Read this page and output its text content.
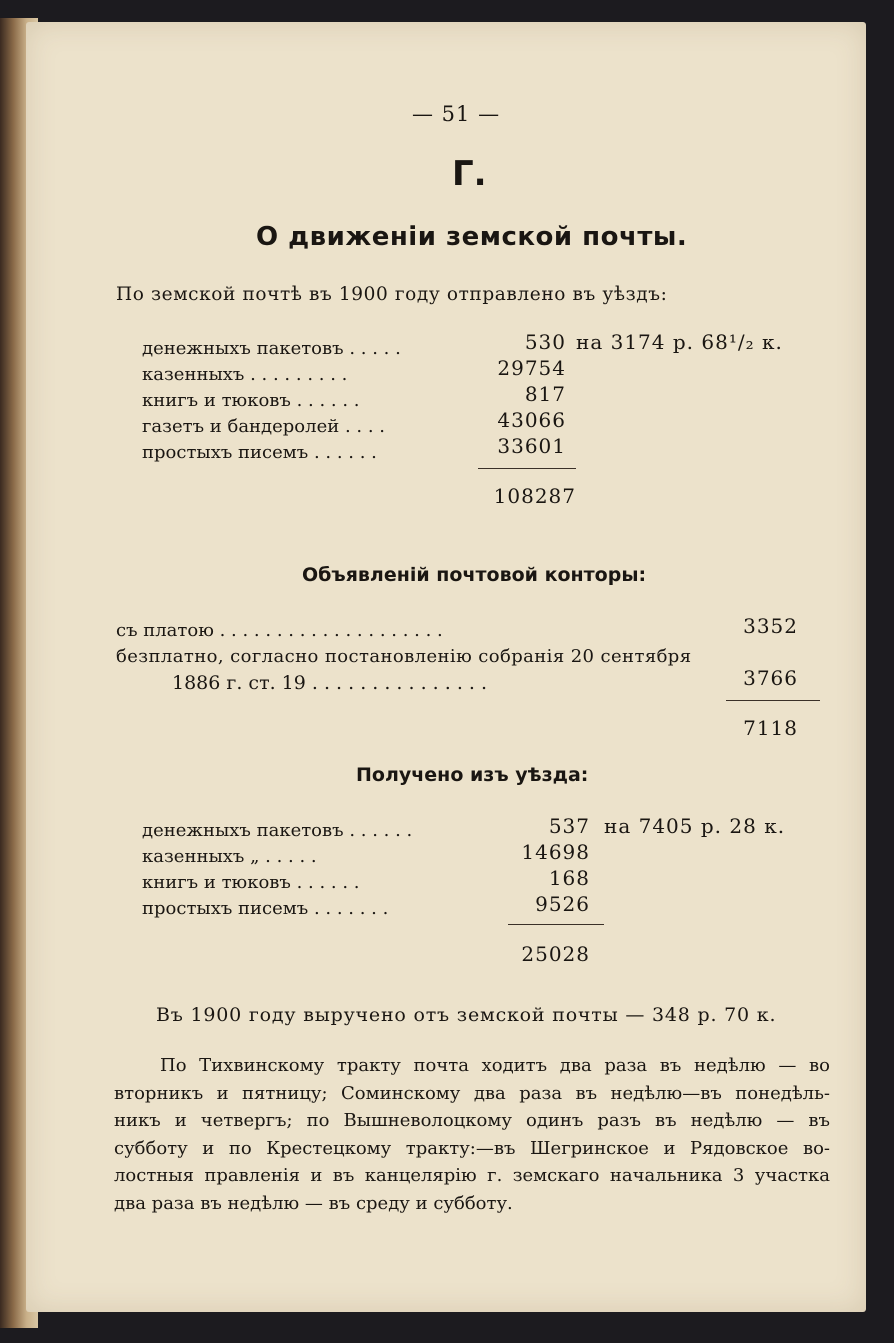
— 51 —
Г.
О движеніи земской почты.
По земской почтѣ въ 1900 году отправлено въ уѣздъ:
денежныхъ пакетовъ . . . . .	530 на 3174 р. 68¹/₂ к.
казенныхъ . . . . . . . . .	29754
книгъ и тюковъ . . . . . .	817
газетъ и бандеролей . . . .	43066
простыхъ писемъ . . . . . .	33601
108287
Объявленій почтовой конторы:
съ платою . . . . . . . . . . . . . . . . . . . .	3352
безплатно, согласно постановленію собранія 20 сентября
1886 г. ст. 19 . . . . . . . . . . . . . . .	3766
7118
Получено изъ уѣзда:
денежныхъ пакетовъ . . . . . .	537 на 7405 р. 28 к.
казенныхъ „ . . . . .	14698
книгъ и тюковъ . . . . . .	168
простыхъ писемъ . . . . . . .	9526
25028
Въ 1900 году выручено отъ земской почты — 348 р. 70 к.
По Тихвинскому тракту почта ходитъ два раза въ недѣлю — во
вторникъ и пятницу; Соминскому два раза въ недѣлю—въ понедѣль-
никъ и четвергъ; по Вышневолоцкому одинъ разъ въ недѣлю — въ
субботу и по Крестецкому тракту:—въ Шегринское и Рядовское во-
лостныя правленія и въ канцелярію г. земскаго начальника 3 участка
два раза въ недѣлю — въ среду и субботу.
